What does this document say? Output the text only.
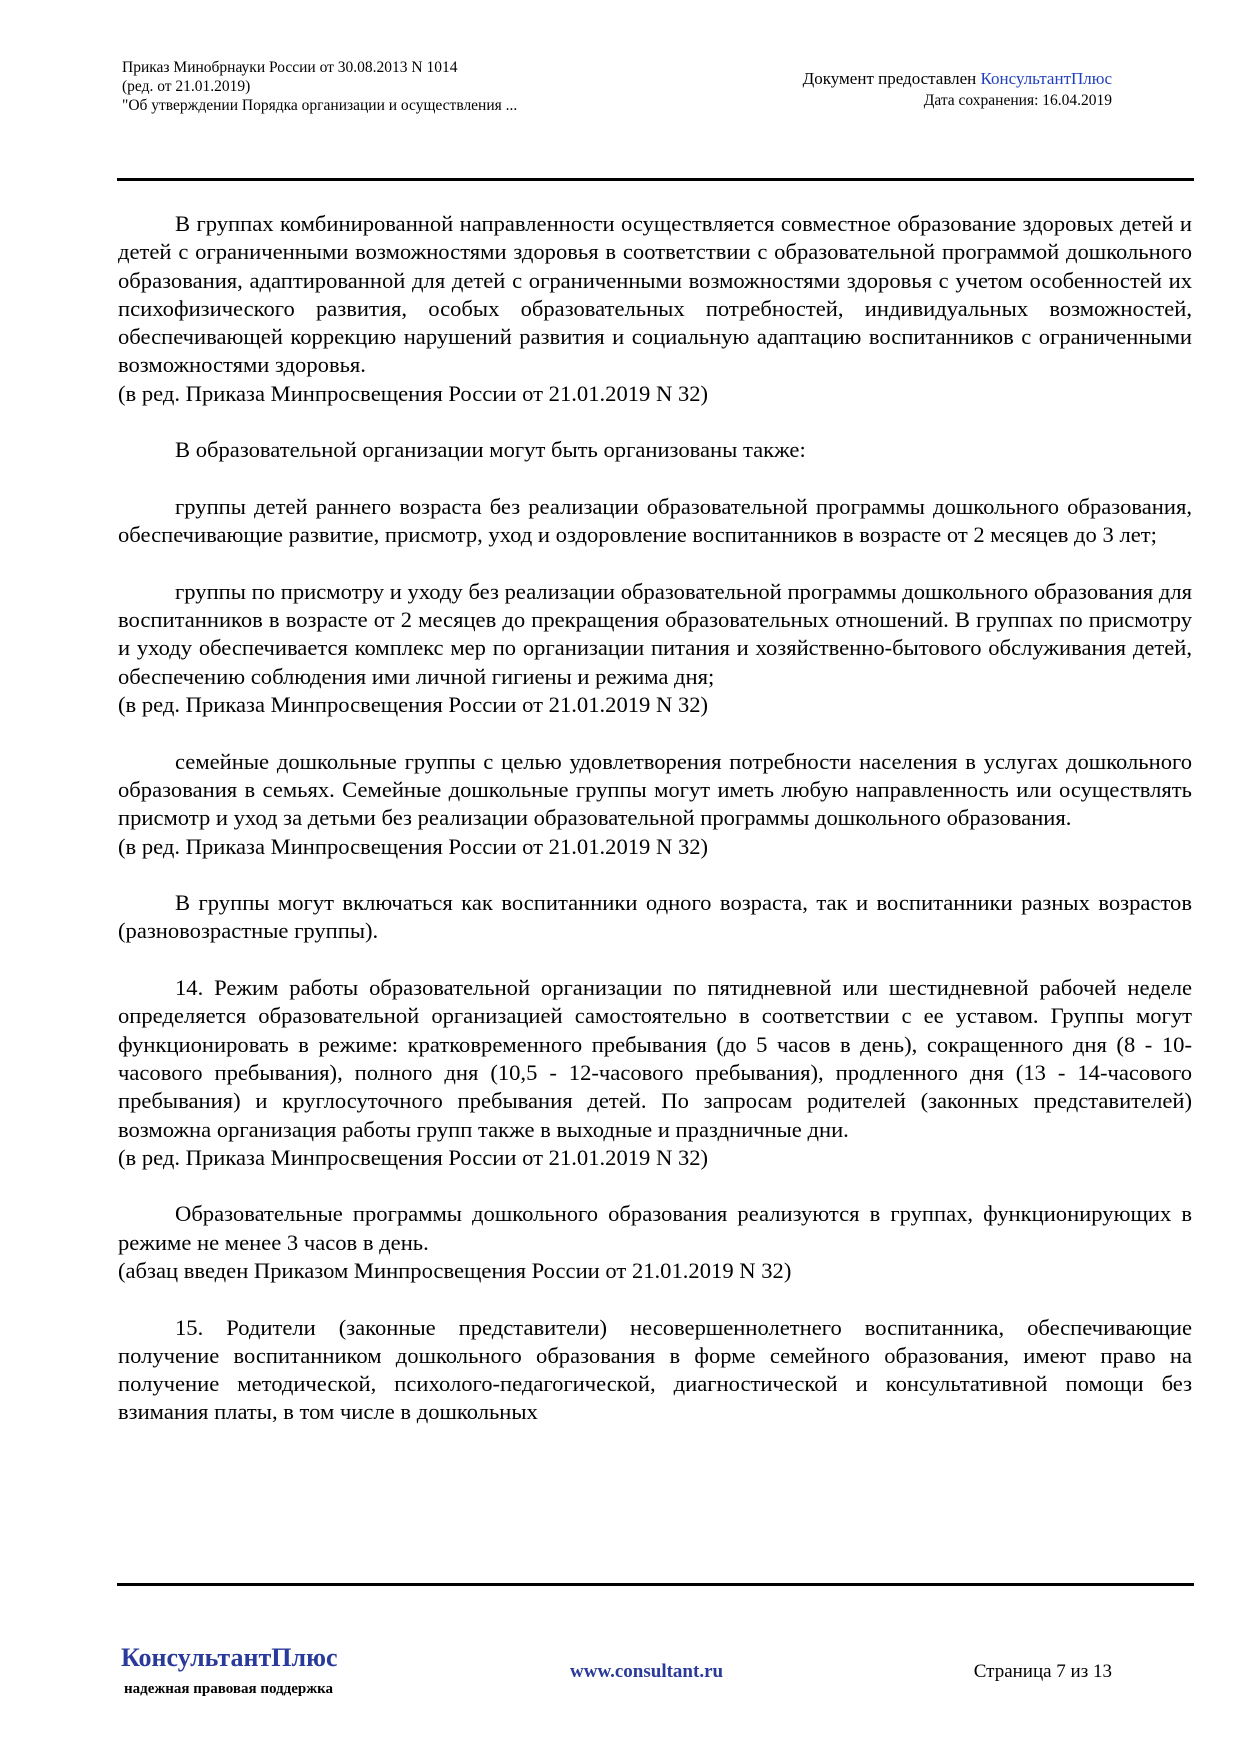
Приказ Минобрнауки России от 30.08.2013 N 1014
(ред. от 21.01.2019)
"Об утверждении Порядка организации и осуществления ...
Документ предоставлен КонсультантПлюс
Дата сохранения: 16.04.2019

В группах комбинированной направленности осуществляется совместное образование здоровых детей и детей с ограниченными возможностями здоровья в соответствии с образовательной программой дошкольного образования, адаптированной для детей с ограниченными возможностями здоровья с учетом особенностей их психофизического развития, особых образовательных потребностей, индивидуальных возможностей, обеспечивающей коррекцию нарушений развития и социальную адаптацию воспитанников с ограниченными возможностями здоровья.

(в ред. Приказа Минпросвещения России от 21.01.2019 N 32)

В образовательной организации могут быть организованы также:

группы детей раннего возраста без реализации образовательной программы дошкольного образования, обеспечивающие развитие, присмотр, уход и оздоровление воспитанников в возрасте от 2 месяцев до 3 лет;

группы по присмотру и уходу без реализации образовательной программы дошкольного образования для воспитанников в возрасте от 2 месяцев до прекращения образовательных отношений. В группах по присмотру и уходу обеспечивается комплекс мер по организации питания и хозяйственно-бытового обслуживания детей, обеспечению соблюдения ими личной гигиены и режима дня;

(в ред. Приказа Минпросвещения России от 21.01.2019 N 32)

семейные дошкольные группы с целью удовлетворения потребности населения в услугах дошкольного образования в семьях. Семейные дошкольные группы могут иметь любую направленность или осуществлять присмотр и уход за детьми без реализации образовательной программы дошкольного образования.

(в ред. Приказа Минпросвещения России от 21.01.2019 N 32)

В группы могут включаться как воспитанники одного возраста, так и воспитанники разных возрастов (разновозрастные группы).

14. Режим работы образовательной организации по пятидневной или шестидневной рабочей неделе определяется образовательной организацией самостоятельно в соответствии с ее уставом. Группы могут функционировать в режиме: кратковременного пребывания (до 5 часов в день), сокращенного дня (8 - 10-часового пребывания), полного дня (10,5 - 12-часового пребывания), продленного дня (13 - 14-часового пребывания) и круглосуточного пребывания детей. По запросам родителей (законных представителей) возможна организация работы групп также в выходные и праздничные дни.

(в ред. Приказа Минпросвещения России от 21.01.2019 N 32)

Образовательные программы дошкольного образования реализуются в группах, функционирующих в режиме не менее 3 часов в день.

(абзац введен Приказом Минпросвещения России от 21.01.2019 N 32)

15. Родители (законные представители) несовершеннолетнего воспитанника, обеспечивающие получение воспитанником дошкольного образования в форме семейного образования, имеют право на получение методической, психолого-педагогической, диагностической и консультативной помощи без взимания платы, в том числе в дошкольных

КонсультантПлюс
надежная правовая поддержка
www.consultant.ru	Страница 7 из 13
